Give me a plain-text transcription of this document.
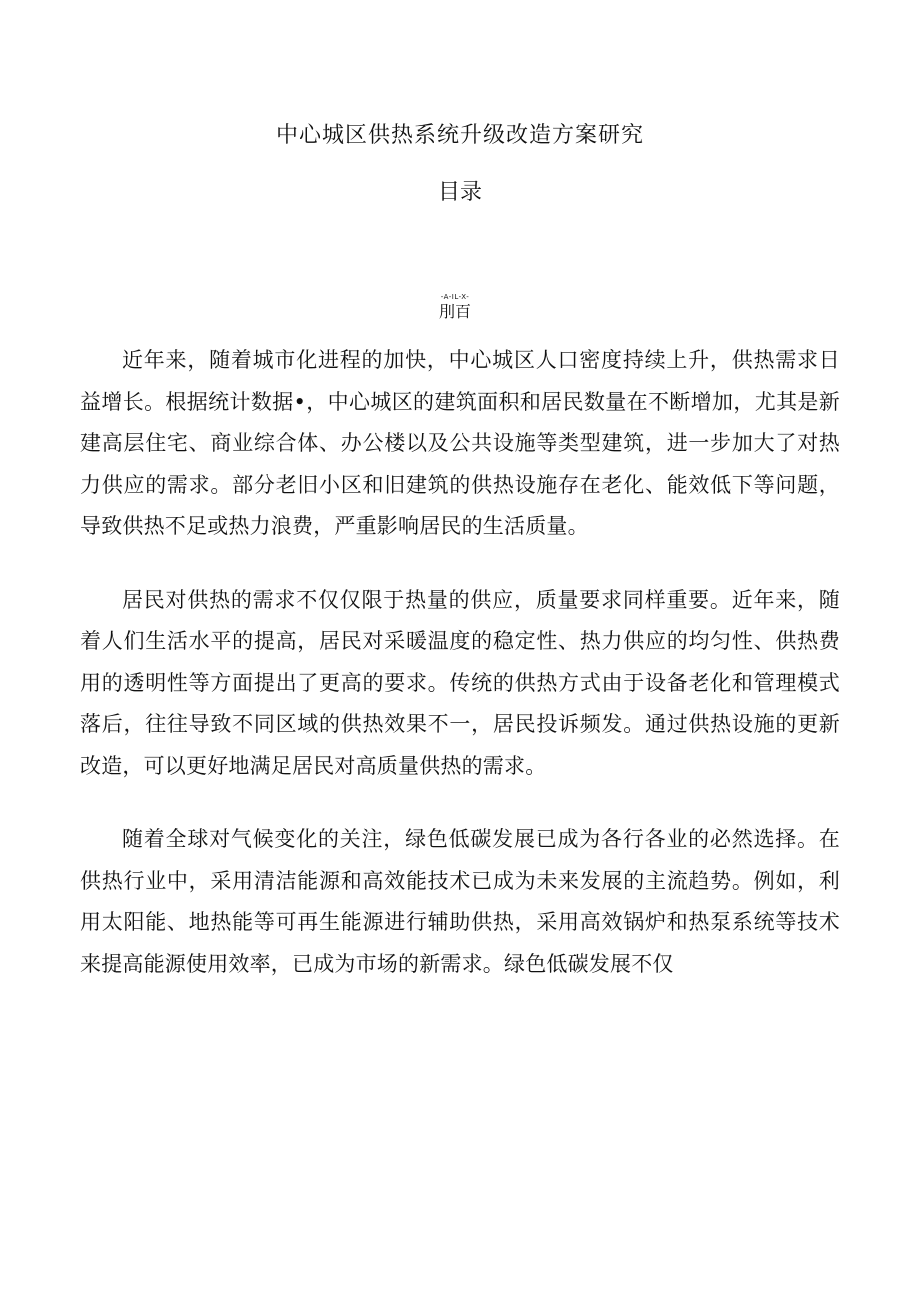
中心城区供热系统升级改造方案研究
目录
-A-IL-X-
刖百

近年来，随着城市化进程的加快，中心城区人口密度持续上升，供热需求日益增长。根据统计数据•，中心城区的建筑面积和居民数量在不断增加，尤其是新建高层住宅、商业综合体、办公楼以及公共设施等类型建筑，进一步加大了对热力供应的需求。部分老旧小区和旧建筑的供热设施存在老化、能效低下等问题，导致供热不足或热力浪费，严重影响居民的生活质量。

居民对供热的需求不仅仅限于热量的供应，质量要求同样重要。近年来，随着人们生活水平的提高，居民对采暖温度的稳定性、热力供应的均匀性、供热费用的透明性等方面提出了更高的要求。传统的供热方式由于设备老化和管理模式落后，往往导致不同区域的供热效果不一，居民投诉频发。通过供热设施的更新改造，可以更好地满足居民对高质量供热的需求。

随着全球对气候变化的关注，绿色低碳发展已成为各行各业的必然选择。在供热行业中，采用清洁能源和高效能技术已成为未来发展的主流趋势。例如，利用太阳能、地热能等可再生能源进行辅助供热，采用高效锅炉和热泵系统等技术来提高能源使用效率，已成为市场的新需求。绿色低碳发展不仅
